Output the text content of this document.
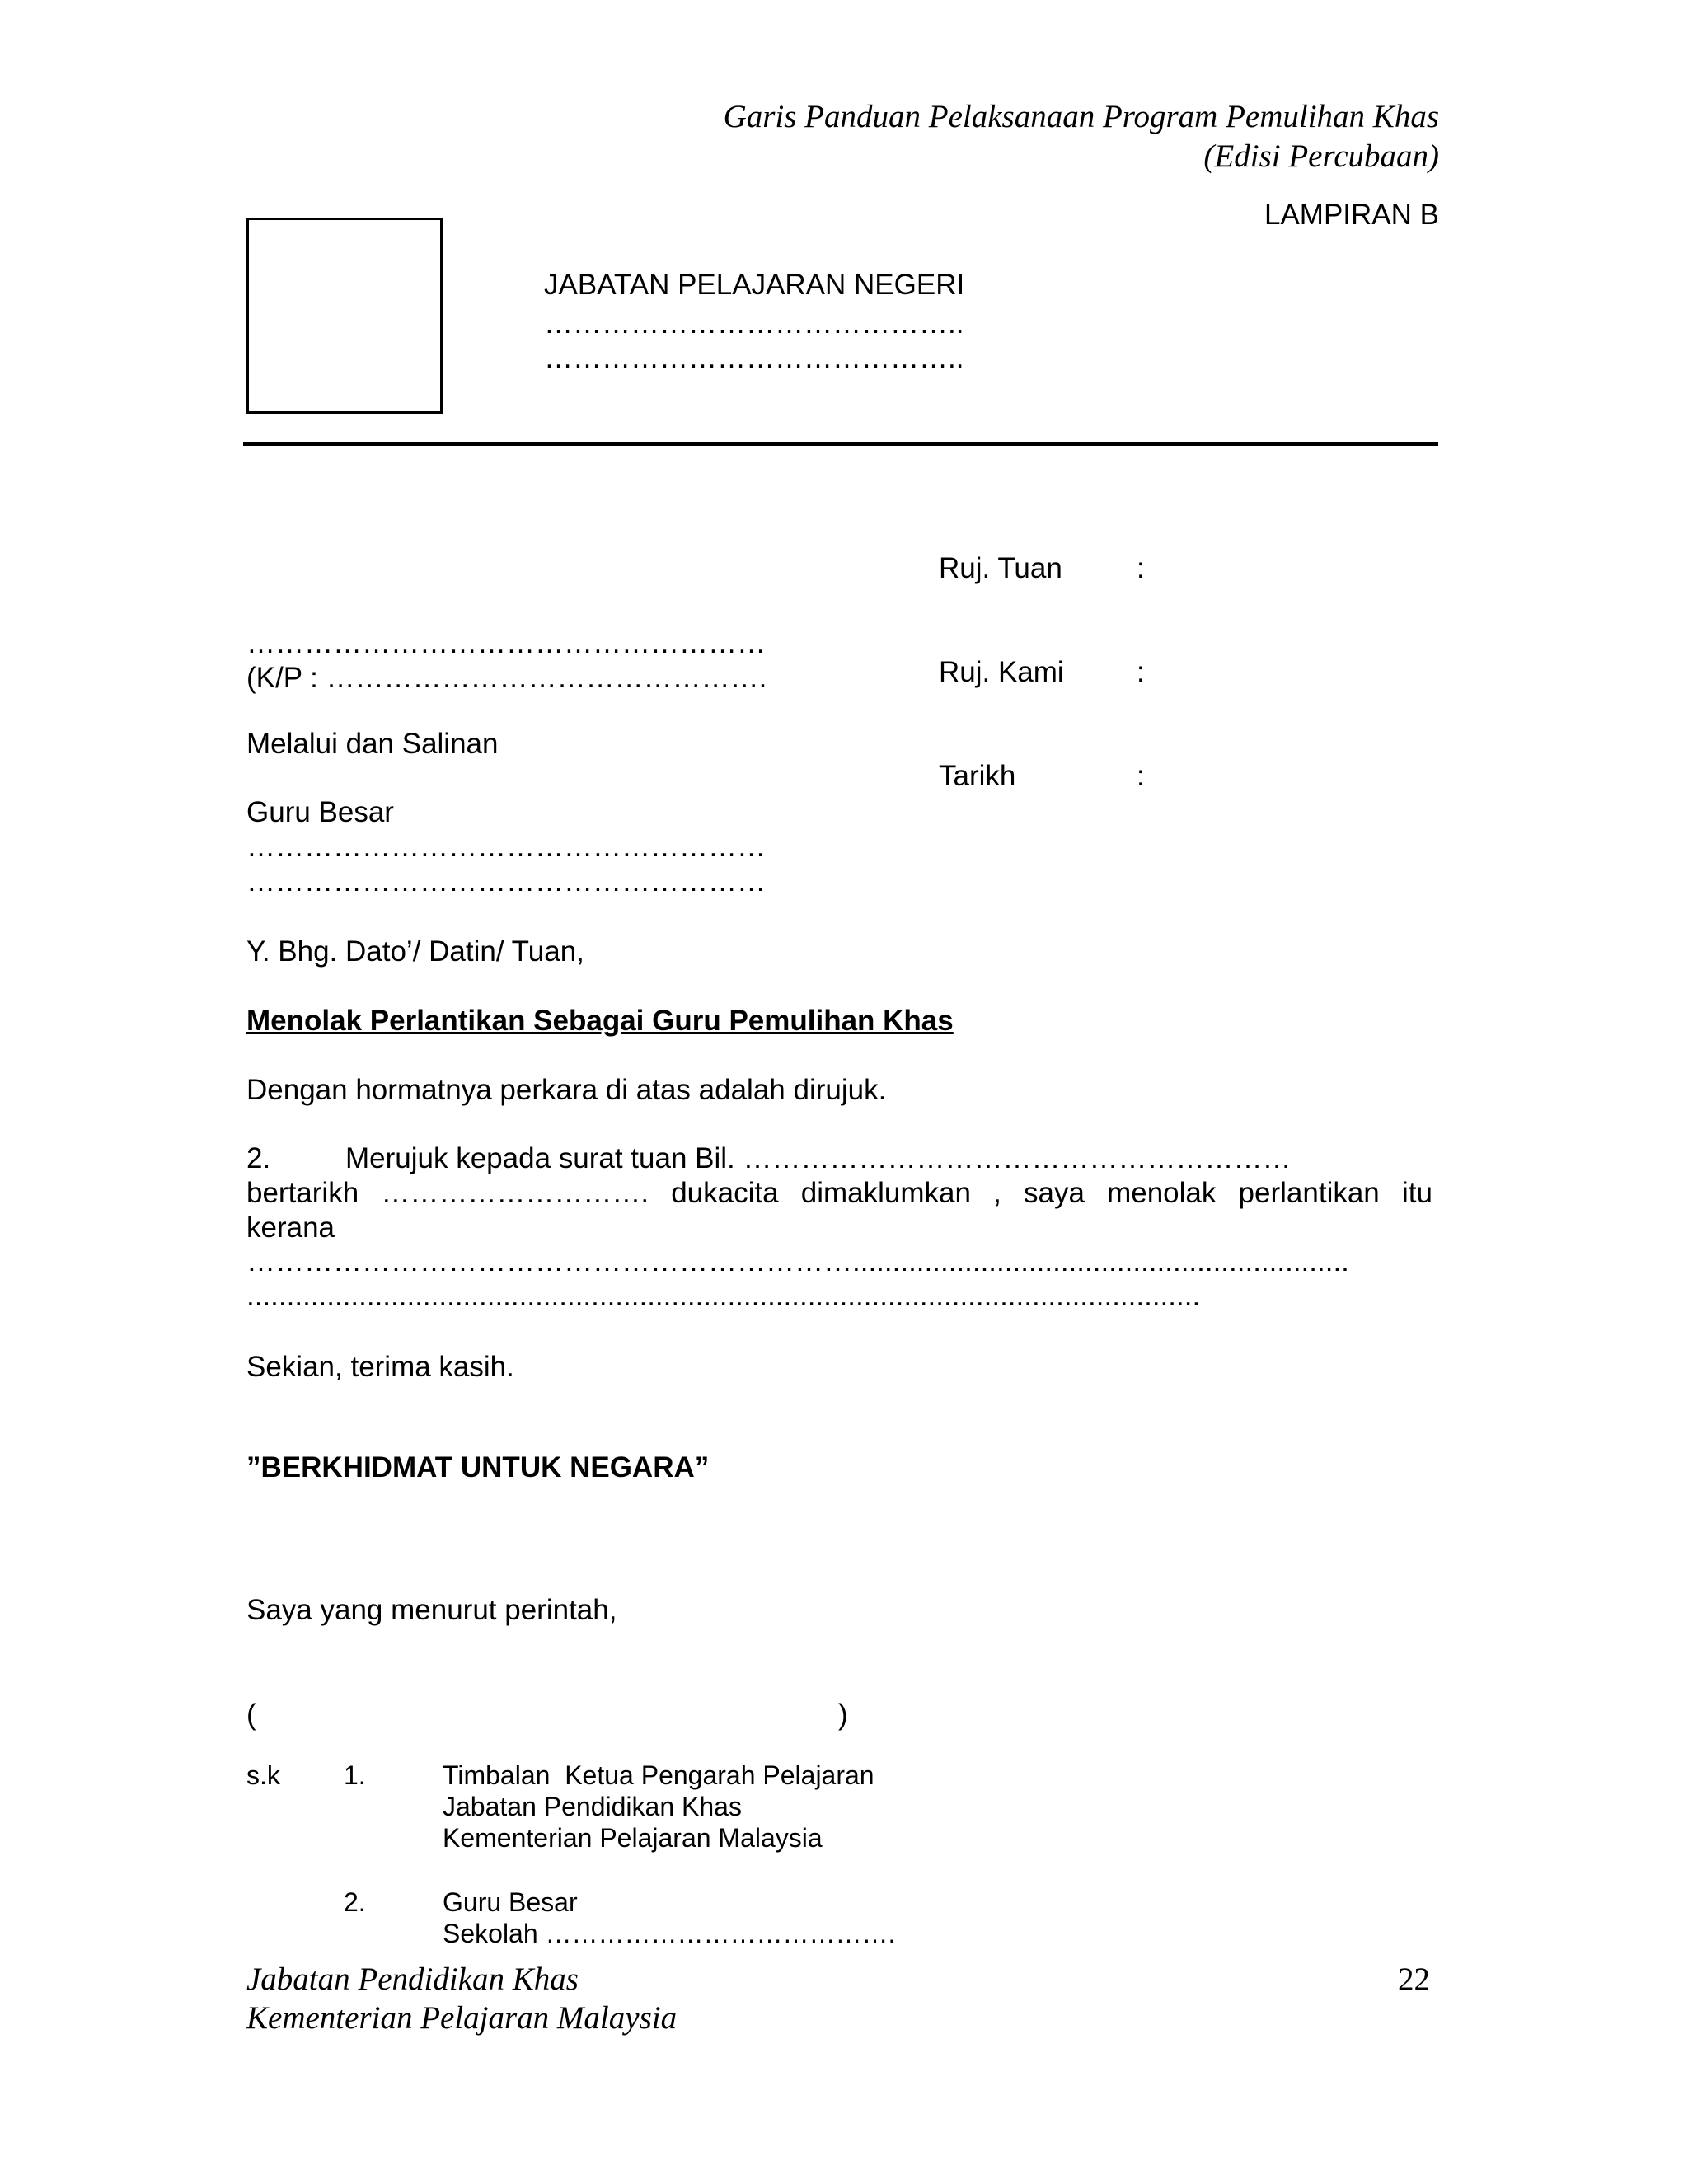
Garis Panduan Pelaksanaan Program Pemulihan Khas
(Edisi Percubaan)
LAMPIRAN B
JABATAN PELAJARAN NEGERI
……………………………………..
……………………………………..

Ruj. Tuan	:

Ruj. Kami	:

Tarikh	:

………………………………………………
(K/P : ……………………………………….
Melalui dan Salinan
Guru Besar
………………………………………………
………………………………………………
Y. Bhg. Dato’/ Datin/ Tuan,
Menolak Perlantikan Sebagai Guru Pemulihan Khas
Dengan hormatnya perkara di atas adalah dirujuk.
2.	Merujuk kepada surat tuan Bil. …………………………………………………
bertarikh ………………………. dukacita dimaklumkan , saya menolak perlantikan itu
kerana
………………………………………………………..............................................................
.......................................................................................................................
Sekian, terima kasih.
”BERKHIDMAT UNTUK NEGARA”
Saya yang menurut perintah,
(	)
s.k 1.	Timbalan  Ketua Pengarah Pelajaran
Jabatan Pendidikan Khas
Kementerian Pelajaran Malaysia
2.	Guru Besar
Sekolah ………………………………….
Jabatan Pendidikan Khas
Kementerian Pelajaran Malaysia
22
